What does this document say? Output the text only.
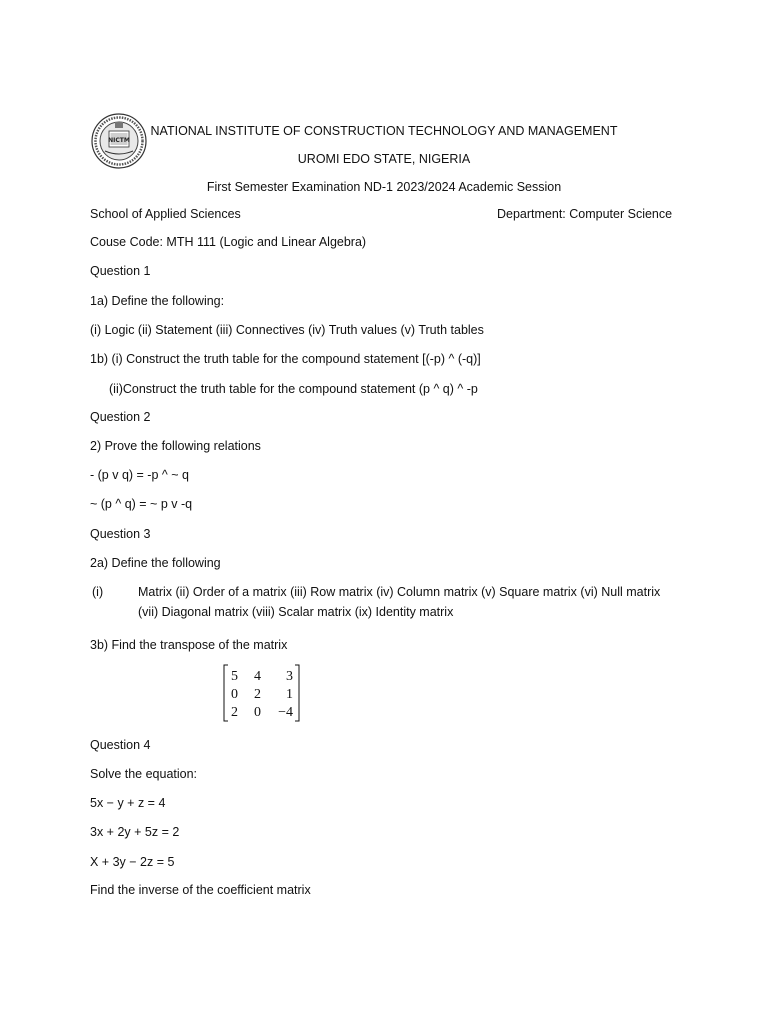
NICTM
NATIONAL INSTITUTE OF CONSTRUCTION TECHNOLOGY AND MANAGEMENT
UROMI EDO STATE, NIGERIA
First Semester Examination ND-1 2023/2024 Academic Session
School of Applied Sciences	Department: Computer Science
Couse Code: MTH 111 (Logic and Linear Algebra)
Question 1
1a) Define the following:
(i) Logic (ii) Statement (iii) Connectives (iv) Truth values (v) Truth tables
1b) (i) Construct the truth table for the compound statement [(-p) ^ (-q)]
(ii)Construct the truth table for the compound statement (p ^ q) ^ -p
Question 2
2) Prove the following relations
- (p v q) = -p ^ ~ q
~ (p ^ q) = ~ p v -q
Question 3
2a) Define the following
(i)	Matrix (ii) Order of a matrix (iii) Row matrix (iv) Column matrix (v) Square matrix (vi) Null matrix
(vii) Diagonal matrix (viii) Scalar matrix (ix) Identity matrix
3b) Find the transpose of the matrix
5 4 3
0 2 1
2 0 −4
Question 4
Solve the equation:
5x − y + z = 4
3x + 2y + 5z = 2
X + 3y − 2z = 5
Find the inverse of the coefficient matrix
